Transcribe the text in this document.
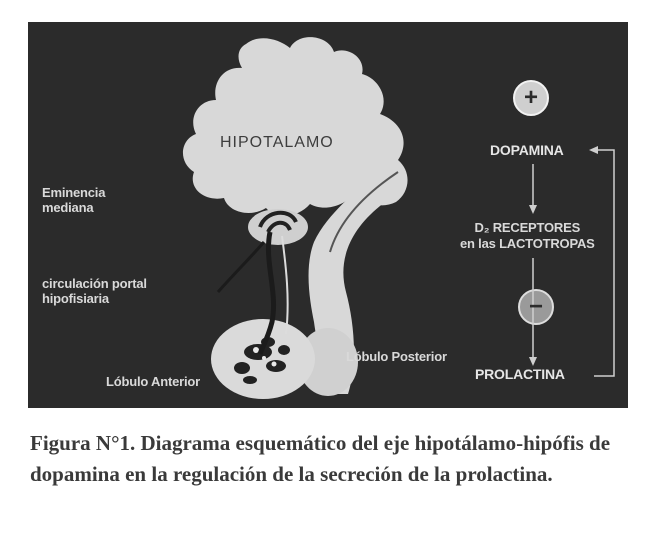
HIPOTALAMO
Eminencia
mediana
circulación portal
hipofisiaria
Lóbulo Anterior
Lóbulo Posterior
+
−
DOPAMINA
D₂ RECEPTORES
en las LACTOTROPAS
PROLACTINA
Figura N°1. Diagrama esquemático del eje hipotálamo-hipófis de dopamina en la regulación de la secreción de la prolactina.
